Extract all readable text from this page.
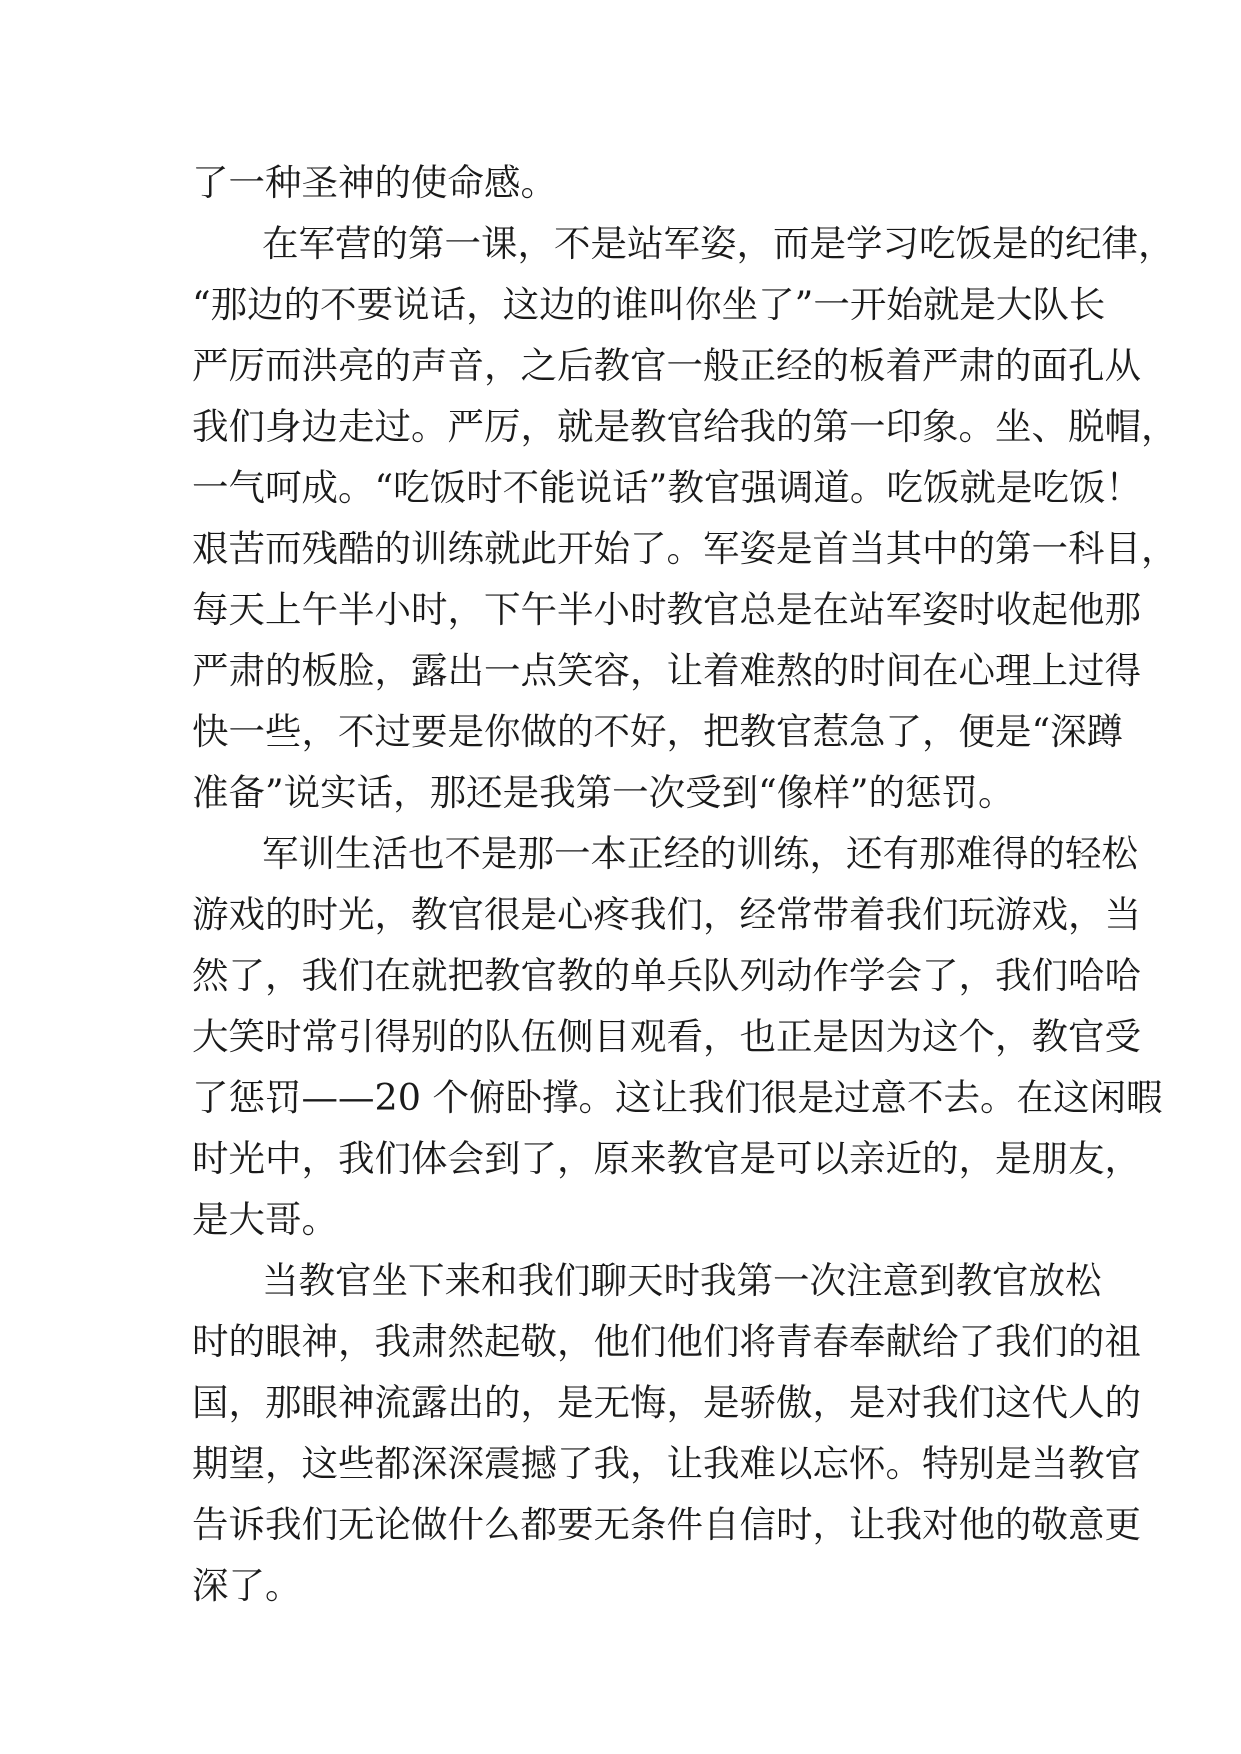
了一种圣神的使命感。
在军营的第一课，不是站军姿，而是学习吃饭是的纪律，
“那边的不要说话，这边的谁叫你坐了”一开始就是大队长
严厉而洪亮的声音，之后教官一般正经的板着严肃的面孔从
我们身边走过。严厉，就是教官给我的第一印象。坐、脱帽，
一气呵成。“吃饭时不能说话”教官强调道。吃饭就是吃饭！
艰苦而残酷的训练就此开始了。军姿是首当其中的第一科目，
每天上午半小时，下午半小时教官总是在站军姿时收起他那
严肃的板脸，露出一点笑容，让着难熬的时间在心理上过得
快一些，不过要是你做的不好，把教官惹急了，便是“深蹲
准备”说实话，那还是我第一次受到“像样”的惩罚。
军训生活也不是那一本正经的训练，还有那难得的轻松
游戏的时光，教官很是心疼我们，经常带着我们玩游戏，当
然了，我们在就把教官教的单兵队列动作学会了，我们哈哈
大笑时常引得别的队伍侧目观看，也正是因为这个，教官受
了惩罚——20 个俯卧撑。这让我们很是过意不去。在这闲暇
时光中，我们体会到了，原来教官是可以亲近的，是朋友，
是大哥。
当教官坐下来和我们聊天时我第一次注意到教官放松
时的眼神，我肃然起敬，他们他们将青春奉献给了我们的祖
国，那眼神流露出的，是无悔，是骄傲，是对我们这代人的
期望，这些都深深震撼了我，让我难以忘怀。特别是当教官
告诉我们无论做什么都要无条件自信时，让我对他的敬意更
深了。
